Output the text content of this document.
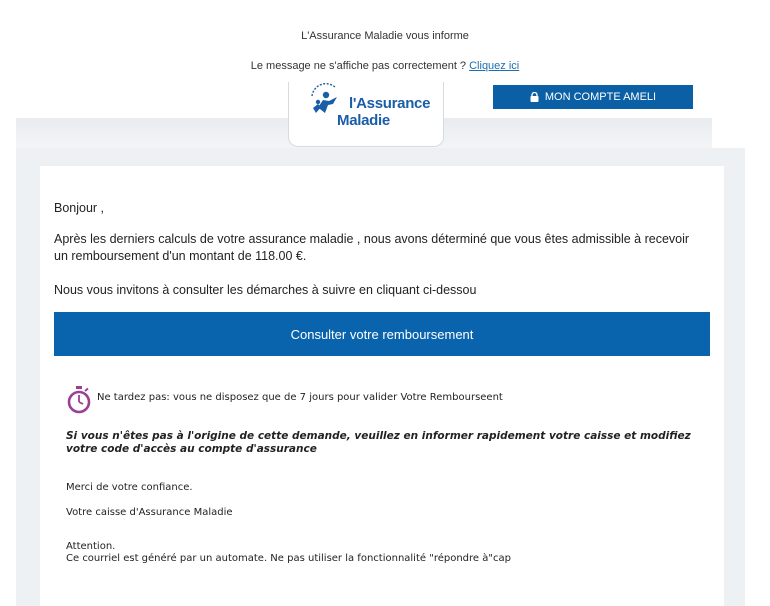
L'Assurance Maladie vous informe
Le message ne s'affiche pas correctement ? Cliquez ici
l'Assurance
Maladie
MON COMPTE AMELI
Bonjour ,
Après les derniers calculs de votre assurance maladie , nous avons déterminé que vous êtes admissible à recevoir un remboursement d'un montant de 118.00 €.
Nous vous invitons à consulter les démarches à suivre en cliquant ci-dessou
Consulter votre remboursement
Ne tardez pas: vous ne disposez que de 7 jours pour valider Votre Rembourseent
Si vous n'êtes pas à l'origine de cette demande, veuillez en informer rapidement votre caisse et modifiez votre code d'accès au compte d'assurance
Merci de votre confiance.
Votre caisse d'Assurance Maladie
Attention.
Ce courriel est généré par un automate. Ne pas utiliser la fonctionnalité "répondre à"cap
